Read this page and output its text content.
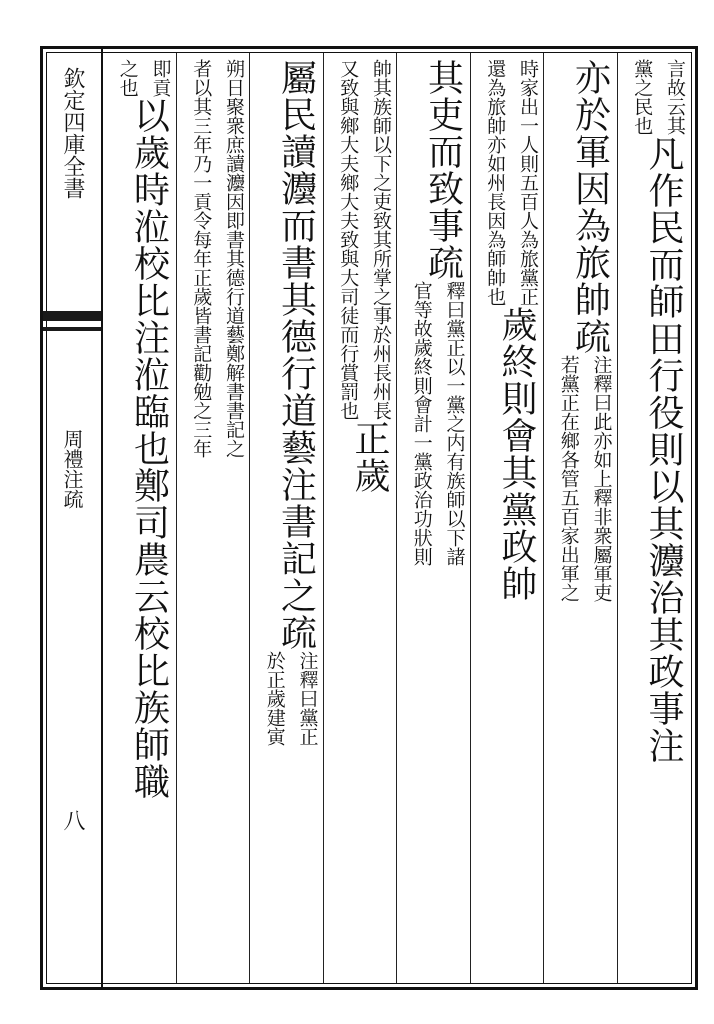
欽定四庫全書
周禮注疏
八
言故云其
黨之民也
凡作民而師田行役則以其灋治其政事注
亦於軍因為旅帥疏
注釋曰此亦如上釋非衆屬軍吏
若黨正在鄉各管五百家出軍之
時家出一人則五百人為旅黨正
還為旅帥亦如州長因為師帥也
歲終則會其黨政帥
其吏而致事疏
釋曰黨正以一黨之内有族師以下諸
官等故歲終則會計一黨政治功狀則
帥其族師以下之吏致其所掌之事於州長州長
又致與鄉大夫鄉大夫致與大司徒而行賞罰也
正歲
屬民讀灋而書其德行道藝注書記之疏
注釋曰黨正
於正歲建寅
朔日聚衆庶讀灋因即書其德行道藝鄭解書書記之
者以其三年乃一貢令每年正歲皆書記勸勉之三年
即貢
之也
以歲時涖校比注涖臨也鄭司農云校比族師職
